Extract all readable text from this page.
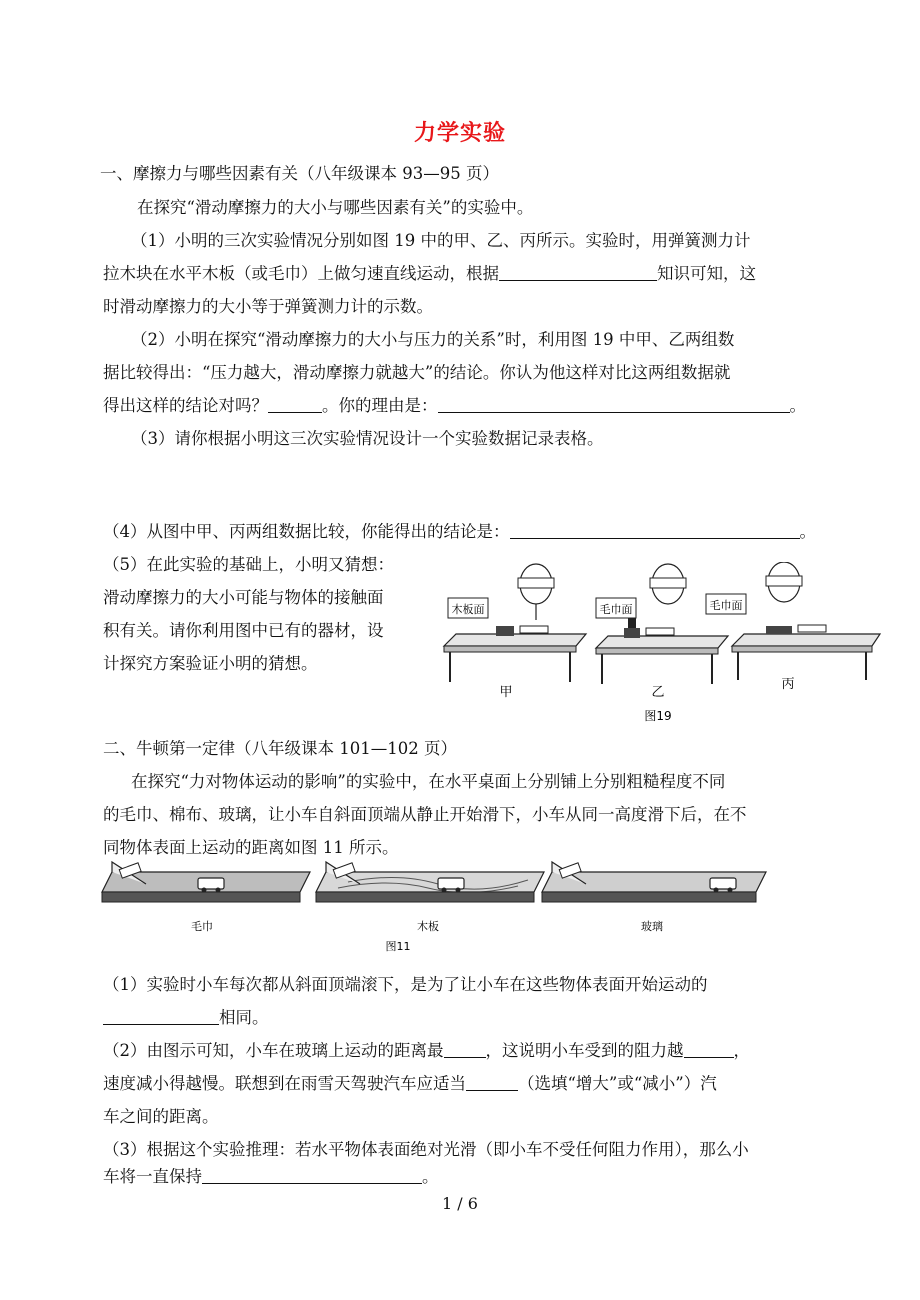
力学实验
一、摩擦力与哪些因素有关（八年级课本 93—95 页）
在探究“滑动摩擦力的大小与哪些因素有关”的实验中。
（1）小明的三次实验情况分别如图 19 中的甲、乙、丙所示。实验时，用弹簧测力计
拉木块在水平木板（或毛巾）上做匀速直线运动，根据	知识可知，这
时滑动摩擦力的大小等于弹簧测力计的示数。
（2）小明在探究“滑动摩擦力的大小与压力的关系”时，利用图 19 中甲、乙两组数
据比较得出：“压力越大，滑动摩擦力就越大”的结论。你认为他这样对比这两组数据就
得出这样的结论对吗？	。你的理由是：	。
（3）请你根据小明这三次实验情况设计一个实验数据记录表格。
（4）从图中甲、丙两组数据比较，你能得出的结论是：	。
（5）在此实验的基础上，小明又猜想：
滑动摩擦力的大小可能与物体的接触面
积有关。请你利用图中已有的器材，设
计探究方案验证小明的猜想。
木板面
甲
毛巾面
乙
毛巾面
丙
图19
二、牛顿第一定律（八年级课本 101—102 页）
在探究“力对物体运动的影响”的实验中，在水平桌面上分别铺上分别粗糙程度不同
的毛巾、棉布、玻璃，让小车自斜面顶端从静止开始滑下，小车从同一高度滑下后，在不
同物体表面上运动的距离如图 11 所示。
毛巾	木板	玻璃
图11
（1）实验时小车每次都从斜面顶端滚下，是为了让小车在这些物体表面开始运动的
相同。
（2）由图示可知，小车在玻璃上运动的距离最	，这说明小车受到的阻力越	，
速度减小得越慢。联想到在雨雪天驾驶汽车应适当	（选填“增大”或“减小”）汽
车之间的距离。
（3）根据这个实验推理：若水平物体表面绝对光滑（即小车不受任何阻力作用），那么小
车将一直保持	。
1 / 6
